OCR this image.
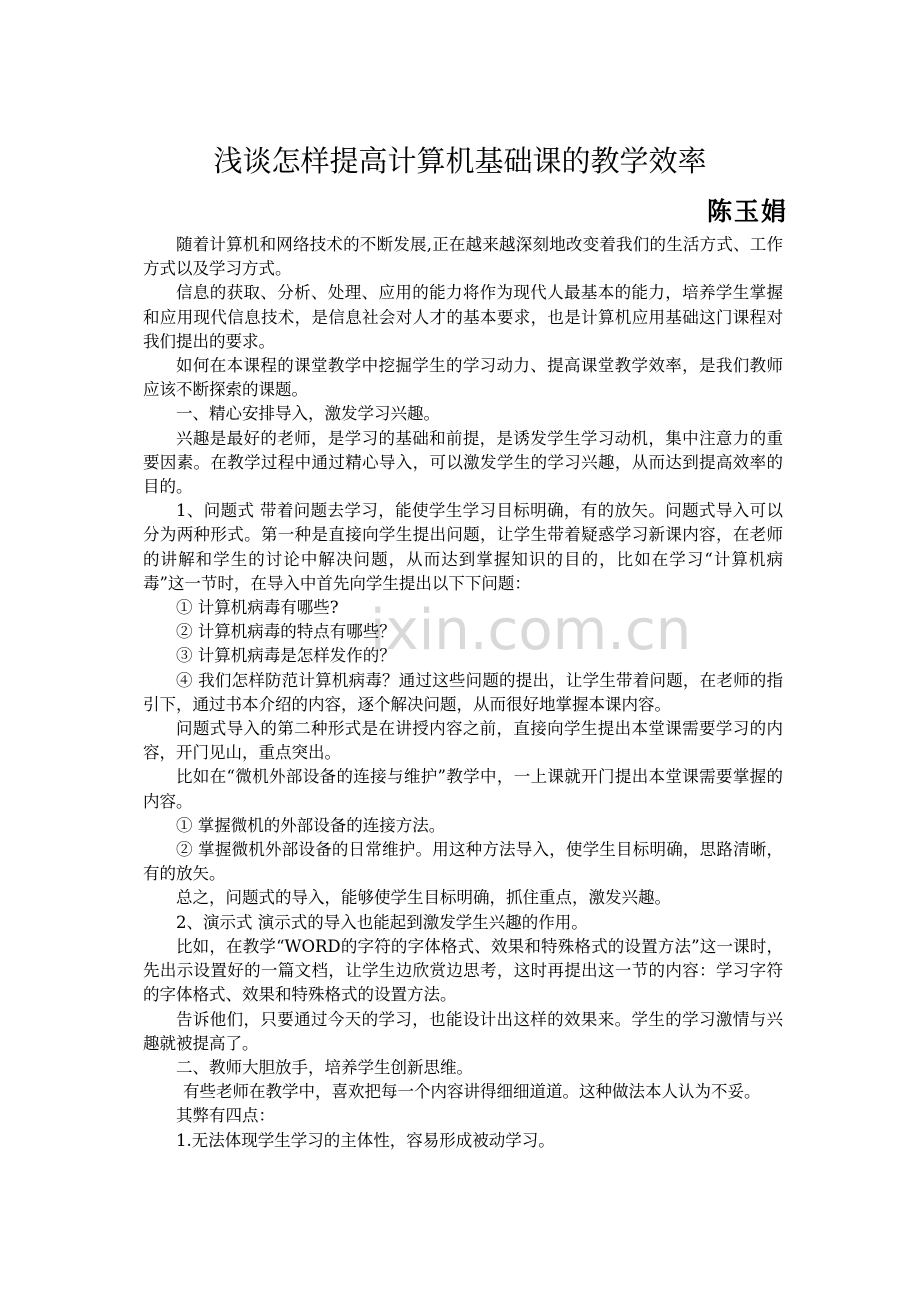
浅谈怎样提高计算机基础课的教学效率
陈玉娟
ixin.com.cn

随着计算机和网络技术的不断发展,正在越来越深刻地改变着我们的生活方式、工作方式以及学习方式。

信息的获取、分析、处理、应用的能力将作为现代人最基本的能力，培养学生掌握和应用现代信息技术，是信息社会对人才的基本要求，也是计算机应用基础这门课程对我们提出的要求。

如何在本课程的课堂教学中挖掘学生的学习动力、提高课堂教学效率，是我们教师应该不断探索的课题。

一、精心安排导入，激发学习兴趣。

兴趣是最好的老师，是学习的基础和前提，是诱发学生学习动机，集中注意力的重要因素。在教学过程中通过精心导入，可以激发学生的学习兴趣，从而达到提高效率的目的。

1、问题式 带着问题去学习，能使学生学习目标明确，有的放矢。问题式导入可以分为两种形式。第一种是直接向学生提出问题，让学生带着疑惑学习新课内容，在老师的讲解和学生的讨论中解决问题，从而达到掌握知识的目的，比如在学习“计算机病毒”这一节时，在导入中首先向学生提出以下下问题：

① 计算机病毒有哪些?

② 计算机病毒的特点有哪些？

③ 计算机病毒是怎样发作的？

④ 我们怎样防范计算机病毒？通过这些问题的提出，让学生带着问题，在老师的指引下，通过书本介绍的内容，逐个解决问题，从而很好地掌握本课内容。

问题式导入的第二种形式是在讲授内容之前，直接向学生提出本堂课需要学习的内容，开门见山，重点突出。

比如在“微机外部设备的连接与维护”教学中，一上课就开门提出本堂课需要掌握的内容。

① 掌握微机的外部设备的连接方法。

② 掌握微机外部设备的日常维护。用这种方法导入，使学生目标明确，思路清晰，有的放矢。

总之，问题式的导入，能够使学生目标明确，抓住重点，激发兴趣。

2、演示式 演示式的导入也能起到激发学生兴趣的作用。

比如，在教学“WORD的字符的字体格式、效果和特殊格式的设置方法”这一课时，先出示设置好的一篇文档，让学生边欣赏边思考，这时再提出这一节的内容：学习字符的字体格式、效果和特殊格式的设置方法。

告诉他们，只要通过今天的学习，也能设计出这样的效果来。学生的学习激情与兴趣就被提高了。

二、教师大胆放手，培养学生创新思维。

有些老师在教学中，喜欢把每一个内容讲得细细道道。这种做法本人认为不妥。

其弊有四点：

1.无法体现学生学习的主体性，容易形成被动学习。
